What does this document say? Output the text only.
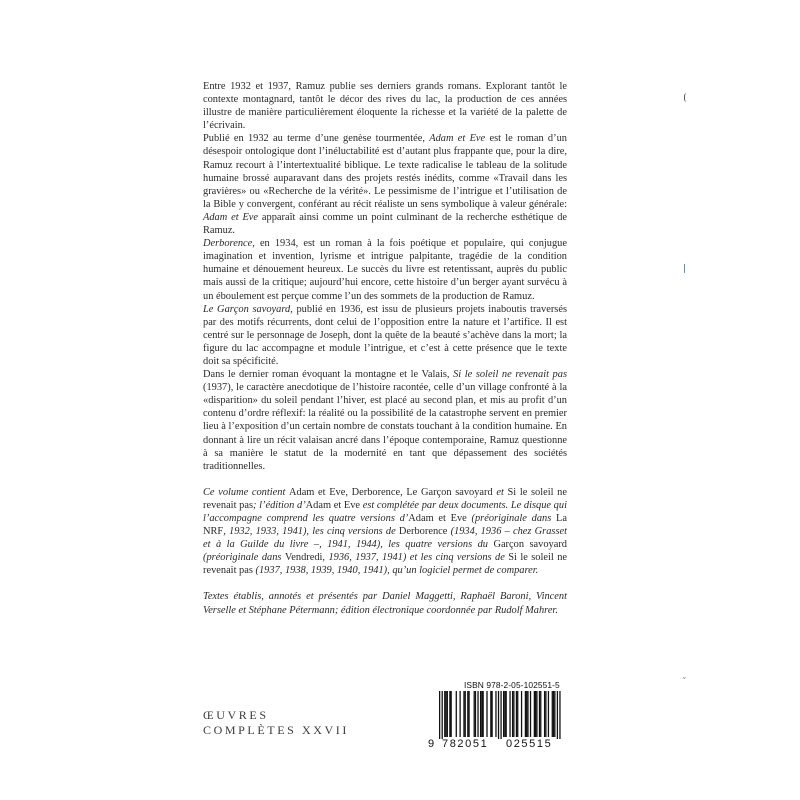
Entre 1932 et 1937, Ramuz publie ses derniers grands romans. Explorant tantôt le contexte montagnard, tantôt le décor des rives du lac, la production de ces années illustre de manière particulièrement éloquente la richesse et la variété de la palette de l’écrivain.

Publié en 1932 au terme d’une genèse tourmentée, Adam et Eve est le roman d’un désespoir ontologique dont l’inéluctabilité est d’autant plus frappante que, pour la dire, Ramuz recourt à l’intertextualité biblique. Le texte radicalise le tableau de la solitude humaine brossé auparavant dans des projets restés inédits, comme «Travail dans les gravières» ou «Recherche de la vérité». Le pessimisme de l’intrigue et l’utilisation de la Bible y convergent, conférant au récit réaliste un sens symbolique à valeur générale: Adam et Eve apparaît ainsi comme un point culminant de la recherche esthétique de Ramuz.

Derborence, en 1934, est un roman à la fois poétique et populaire, qui conjugue imagination et invention, lyrisme et intrigue palpitante, tragédie de la condition humaine et dénouement heureux. Le succès du livre est retentissant, auprès du public mais aussi de la critique; aujourd’hui encore, cette histoire d’un berger ayant survécu à un éboulement est perçue comme l’un des sommets de la production de Ramuz.

Le Garçon savoyard, publié en 1936, est issu de plusieurs projets inaboutis traversés par des motifs récurrents, dont celui de l’opposition entre la nature et l’artifice. Il est centré sur le personnage de Joseph, dont la quête de la beauté s’achève dans la mort; la figure du lac accompagne et module l’intrigue, et c’est à cette présence que le texte doit sa spécificité.

Dans le dernier roman évoquant la montagne et le Valais, Si le soleil ne revenait pas (1937), le caractère anecdotique de l’histoire racontée, celle d’un village confronté à la «disparition» du soleil pendant l’hiver, est placé au second plan, et mis au profit d’un contenu d’ordre réflexif: la réalité ou la possibilité de la catastrophe servent en premier lieu à l’exposition d’un certain nombre de constats touchant à la condition humaine. En donnant à lire un récit valaisan ancré dans l’époque contemporaine, Ramuz questionne à sa manière le statut de la modernité en tant que dépassement des sociétés traditionnelles.

Ce volume contient Adam et Eve, Derborence, Le Garçon savoyard et Si le soleil ne revenait pas; l’édition d’Adam et Eve est complétée par deux documents. Le disque qui l’accompagne comprend les quatre versions d’Adam et Eve (préoriginale dans La NRF, 1932, 1933, 1941), les cinq versions de Derborence (1934, 1936 – chez Grasset et à la Guilde du livre –, 1941, 1944), les quatre versions du Garçon savoyard (préoriginale dans Vendredi, 1936, 1937, 1941) et les cinq versions de Si le soleil ne revenait pas (1937, 1938, 1939, 1940, 1941), qu’un logiciel permet de comparer.

Textes établis, annotés et présentés par Daniel Maggetti, Raphaël Baroni, Vincent Verselle et Stéphane Pétermann; édition électronique coordonnée par Rudolf Mahrer.

ˇ
ŒUVRES
COMPLÈTES XXVII
ISBN 978-2-05-102551-5
9 782051 025515
